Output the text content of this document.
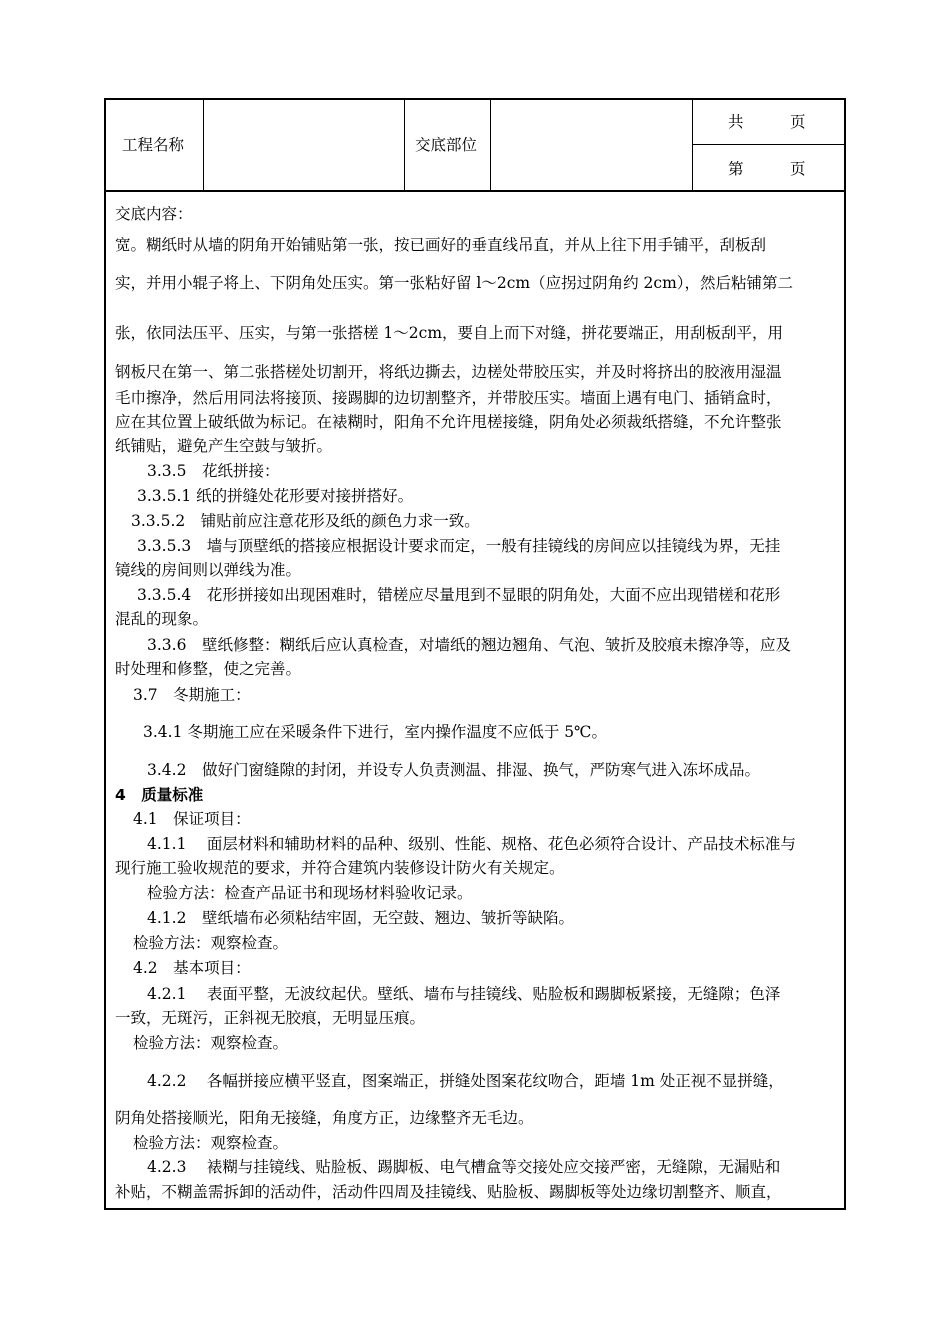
工程名称	交底部位
共　　　页
第　　　页
交底内容：
宽。糊纸时从墙的阴角开始铺贴第一张，按已画好的垂直线吊直，并从上往下用手铺平，刮板刮
实，并用小辊子将上、下阴角处压实。第一张粘好留 l～2cm（应拐过阴角约 2cm），然后粘铺第二
张，依同法压平、压实，与第一张搭槎 1～2cm，要自上而下对缝，拼花要端正，用刮板刮平，用
钢板尺在第一、第二张搭槎处切割开，将纸边撕去，边槎处带胶压实，并及时将挤出的胶液用湿温
毛巾擦净，然后用同法将接顶、接踢脚的边切割整齐，并带胶压实。墙面上遇有电门、插销盒时，
应在其位置上破纸做为标记。在裱糊时，阳角不允许甩槎接缝，阴角处必须裁纸搭缝，不允许整张
纸铺贴，避免产生空鼓与皱折。
3.3.5　花纸拼接：
3.3.5.1 纸的拼缝处花形要对接拼搭好。
3.3.5.2　铺贴前应注意花形及纸的颜色力求一致。
3.3.5.3　墙与顶壁纸的搭接应根据设计要求而定，一般有挂镜线的房间应以挂镜线为界，无挂
镜线的房间则以弹线为准。
3.3.5.4　花形拼接如出现困难时，错槎应尽量甩到不显眼的阴角处，大面不应出现错槎和花形
混乱的现象。
3.3.6　壁纸修整：糊纸后应认真检查，对墙纸的翘边翘角、气泡、皱折及胶痕未擦净等，应及
时处理和修整，使之完善。
3.7　冬期施工：
3.4.1 冬期施工应在采暖条件下进行，室内操作温度不应低于 5℃。
3.4.2　做好门窗缝隙的封闭，并设专人负责测温、排湿、换气，严防寒气进入冻坏成品。
4　质量标准
4.1　保证项目：
4.1.1　 面层材料和辅助材料的品种、级别、性能、规格、花色必须符合设计、产品技术标准与
现行施工验收规范的要求，并符合建筑内装修设计防火有关规定。
检验方法：检查产品证书和现场材料验收记录。
4.1.2　壁纸墙布必须粘结牢固，无空鼓、翘边、皱折等缺陷。
检验方法：观察检查。
4.2　基本项目：
4.2.1　 表面平整，无波纹起伏。壁纸、墙布与挂镜线、贴脸板和踢脚板紧接，无缝隙；色泽
一致，无斑污，正斜视无胶痕，无明显压痕。
检验方法：观察检查。
4.2.2　 各幅拼接应横平竖直，图案端正，拼缝处图案花纹吻合，距墙 1m 处正视不显拼缝，
阴角处搭接顺光，阳角无接缝，角度方正，边缘整齐无毛边。
检验方法：观察检查。
4.2.3　 裱糊与挂镜线、贴脸板、踢脚板、电气槽盒等交接处应交接严密，无缝隙，无漏贴和
补贴，不糊盖需拆卸的活动件，活动件四周及挂镜线、贴脸板、踢脚板等处边缘切割整齐、顺直，
